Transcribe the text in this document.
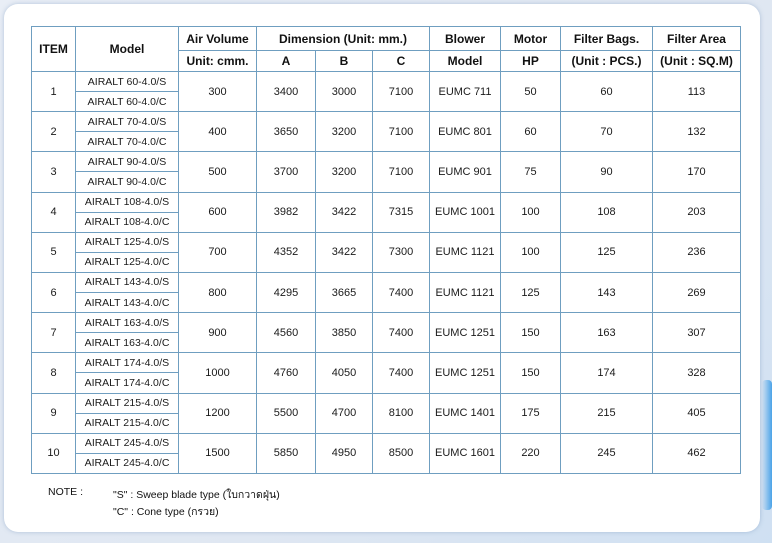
ITEM	Model	Air Volume	Dimension (Unit: mm.)			Blower	Motor	Filter Bags.	Filter Area
		Unit: cmm.	A	B	C	Model	HP	(Unit : PCS.)	(Unit : SQ.M)
1	AIRALT 60-4.0/S	300	3400	3000	7100	EUMC 711	50	60	113
	AIRALT 60-4.0/C								
2	AIRALT 70-4.0/S	400	3650	3200	7100	EUMC 801	60	70	132
	AIRALT 70-4.0/C								
3	AIRALT 90-4.0/S	500	3700	3200	7100	EUMC 901	75	90	170
	AIRALT 90-4.0/C								
4	AIRALT 108-4.0/S	600	3982	3422	7315	EUMC 1001	100	108	203
	AIRALT 108-4.0/C								
5	AIRALT 125-4.0/S	700	4352	3422	7300	EUMC 1121	100	125	236
	AIRALT 125-4.0/C								
6	AIRALT 143-4.0/S	800	4295	3665	7400	EUMC 1121	125	143	269
	AIRALT 143-4.0/C								
7	AIRALT 163-4.0/S	900	4560	3850	7400	EUMC 1251	150	163	307
	AIRALT 163-4.0/C								
8	AIRALT 174-4.0/S	1000	4760	4050	7400	EUMC 1251	150	174	328
	AIRALT 174-4.0/C								
9	AIRALT 215-4.0/S	1200	5500	4700	8100	EUMC 1401	175	215	405
	AIRALT 215-4.0/C								
10	AIRALT 245-4.0/S	1500	5850	4950	8500	EUMC 1601	220	245	462
	AIRALT 245-4.0/C								
NOTE :	"S" : Sweep blade type (ใบกวาดฝุ่น)
"C" : Cone type (กรวย)
